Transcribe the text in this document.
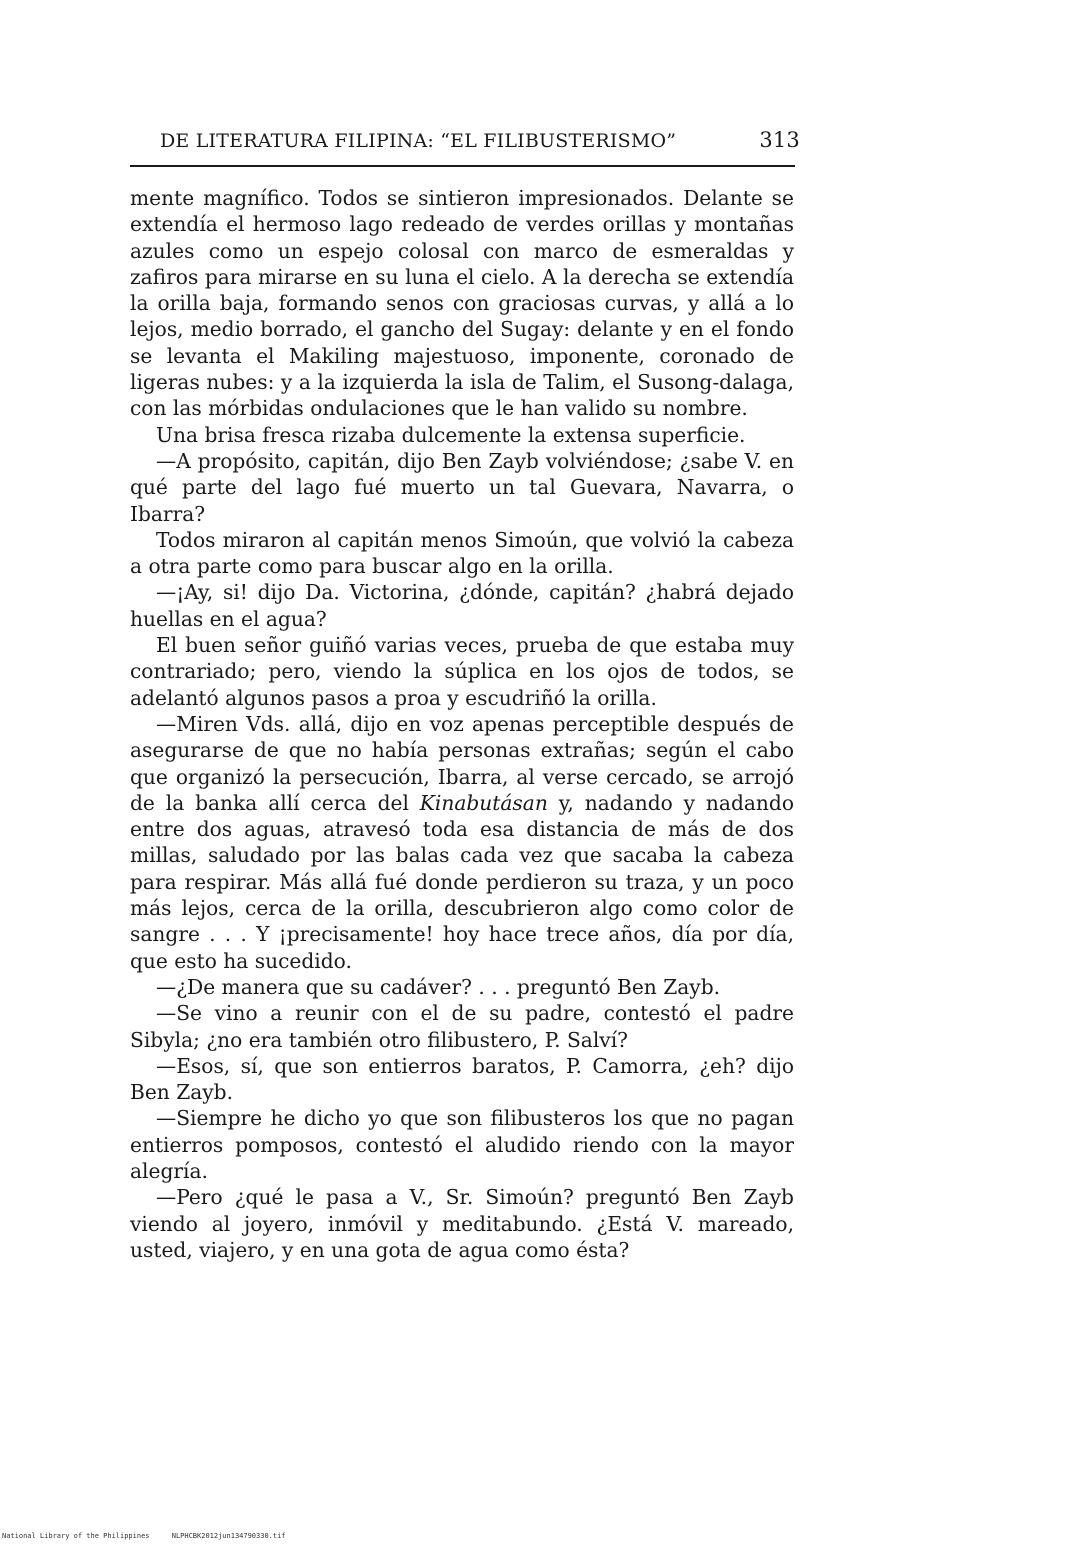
DE LITERATURA FILIPINA: “EL FILIBUSTERISMO”	313

mente magnífico. Todos se sintieron impresionados. Delante se extendía el hermoso lago redeado de verdes orillas y montañas azules como un espejo colosal con marco de esmeraldas y zafiros para mirarse en su luna el cielo. A la derecha se extendía la orilla baja, formando senos con graciosas curvas, y allá a lo lejos, medio borrado, el gancho del Sugay: delante y en el fondo se levanta el Makiling majestuoso, imponente, coronado de ligeras nubes: y a la izquierda la isla de Talim, el Susong-dalaga, con las mórbidas ondulaciones que le han valido su nombre.

Una brisa fresca rizaba dulcemente la extensa superficie.

—A propósito, capitán, dijo Ben Zayb volviéndose; ¿sabe V. en qué parte del lago fué muerto un tal Guevara, Navarra, o Ibarra?

Todos miraron al capitán menos Simoún, que volvió la cabeza a otra parte como para buscar algo en la orilla.

—¡Ay, si! dijo Da. Victorina, ¿dónde, capitán? ¿habrá dejado huellas en el agua?

El buen señor guiñó varias veces, prueba de que estaba muy contrariado; pero, viendo la súplica en los ojos de todos, se adelantó algunos pasos a proa y escudriñó la orilla.

—Miren Vds. allá, dijo en voz apenas perceptible después de asegurarse de que no había personas extrañas; según el cabo que organizó la persecución, Ibarra, al verse cercado, se arrojó de la banka allí cerca del Kinabutásan y, nadando y nadando entre dos aguas, atravesó toda esa distancia de más de dos millas, saludado por las balas cada vez que sacaba la cabeza para respirar. Más allá fué donde perdieron su traza, y un poco más lejos, cerca de la orilla, descubrieron algo como color de sangre . . . Y ¡precisamente! hoy hace trece años, día por día, que esto ha sucedido.

—¿De manera que su cadáver? . . . preguntó Ben Zayb.

—Se vino a reunir con el de su padre, contestó el padre Sibyla; ¿no era también otro filibustero, P. Salví?

—Esos, sí, que son entierros baratos, P. Camorra, ¿eh? dijo Ben Zayb.

—Siempre he dicho yo que son filibusteros los que no pagan entierros pomposos, contestó el aludido riendo con la mayor alegría.

—Pero ¿qué le pasa a V., Sr. Simoún? preguntó Ben Zayb viendo al joyero, inmóvil y meditabundo. ¿Está V. mareado, usted, viajero, y en una gota de agua como ésta?

National Library of the Philippines	NLPHCBK2012jun134790330.tif
